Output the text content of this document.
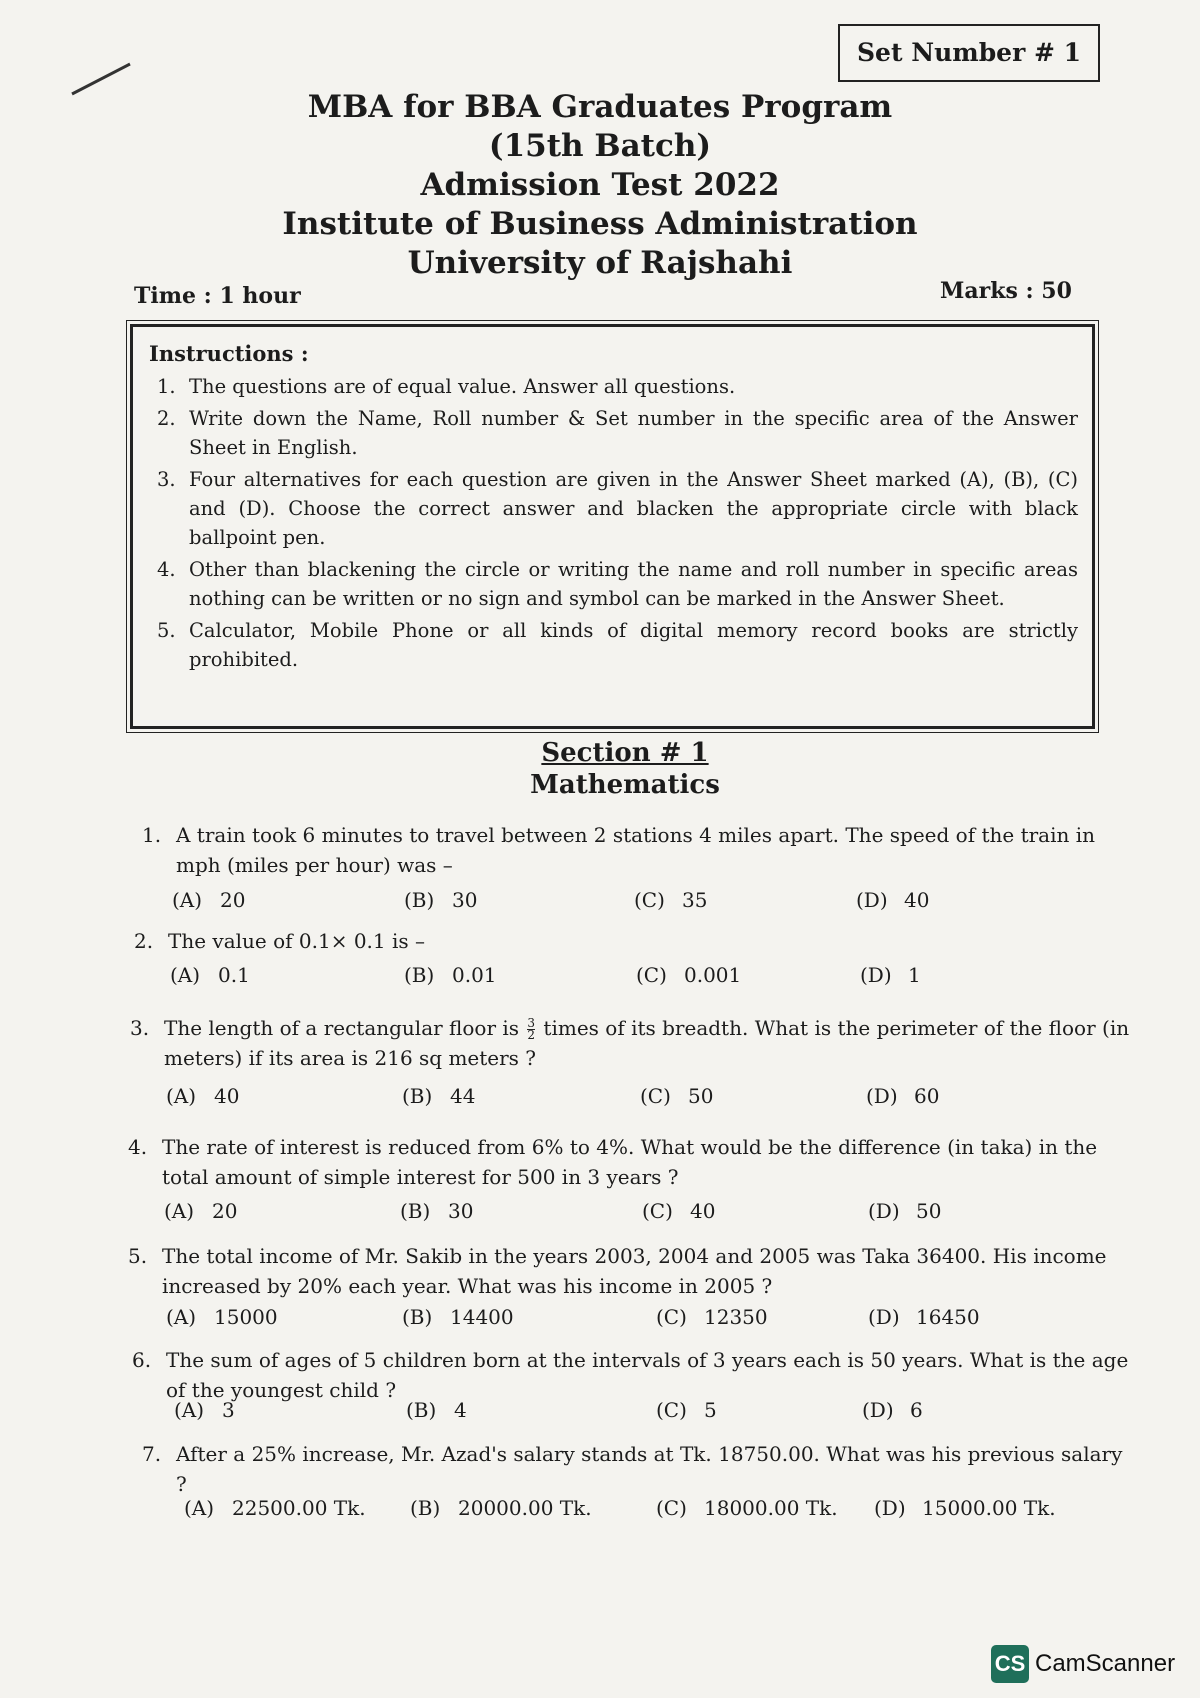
Set Number # 1
MBA for BBA Graduates Program
(15th Batch)
Admission Test 2022
Institute of Business Administration
University of Rajshahi
Time : 1 hour	Marks : 50
Instructions :
1. The questions are of equal value. Answer all questions.
2. Write down the Name, Roll number & Set number in the specific area of the Answer Sheet in English.
3. Four alternatives for each question are given in the Answer Sheet marked (A), (B), (C) and (D). Choose the correct answer and blacken the appropriate circle with black ballpoint pen.
4. Other than blackening the circle or writing the name and roll number in specific areas nothing can be written or no sign and symbol can be marked in the Answer Sheet.
5. Calculator, Mobile Phone or all kinds of digital memory record books are strictly prohibited.
Section # 1
Mathematics
1. A train took 6 minutes to travel between 2 stations 4 miles apart. The speed of the train in mph (miles per hour) was –
(A) 20	(B) 30	(C) 35	(D) 40
2. The value of 0.1× 0.1 is –
(A) 0.1	(B) 0.01	(C) 0.001	(D) 1
3. The length of a rectangular floor is $\frac{3}{2}$ times of its breadth. What is the perimeter of the floor (in meters) if its area is 216 sq meters ?
(A) 40	(B) 44	(C) 50	(D) 60
4. The rate of interest is reduced from 6% to 4%. What would be the difference (in taka) in the total amount of simple interest for 500 in 3 years ?
(A) 20	(B) 30	(C) 40	(D) 50
5. The total income of Mr. Sakib in the years 2003, 2004 and 2005 was Taka 36400. His income increased by 20% each year. What was his income in 2005 ?
(A) 15000	(B) 14400	(C) 12350	(D) 16450
6. The sum of ages of 5 children born at the intervals of 3 years each is 50 years. What is the age of the youngest child ?
(A) 3	(B) 4	(C) 5	(D) 6
7. After a 25% increase, Mr. Azad's salary stands at Tk. 18750.00. What was his previous salary ?
(A) 22500.00 Tk. (B) 20000.00 Tk.	(C) 18000.00 Tk. (D) 15000.00 Tk.
CS CamScanner
